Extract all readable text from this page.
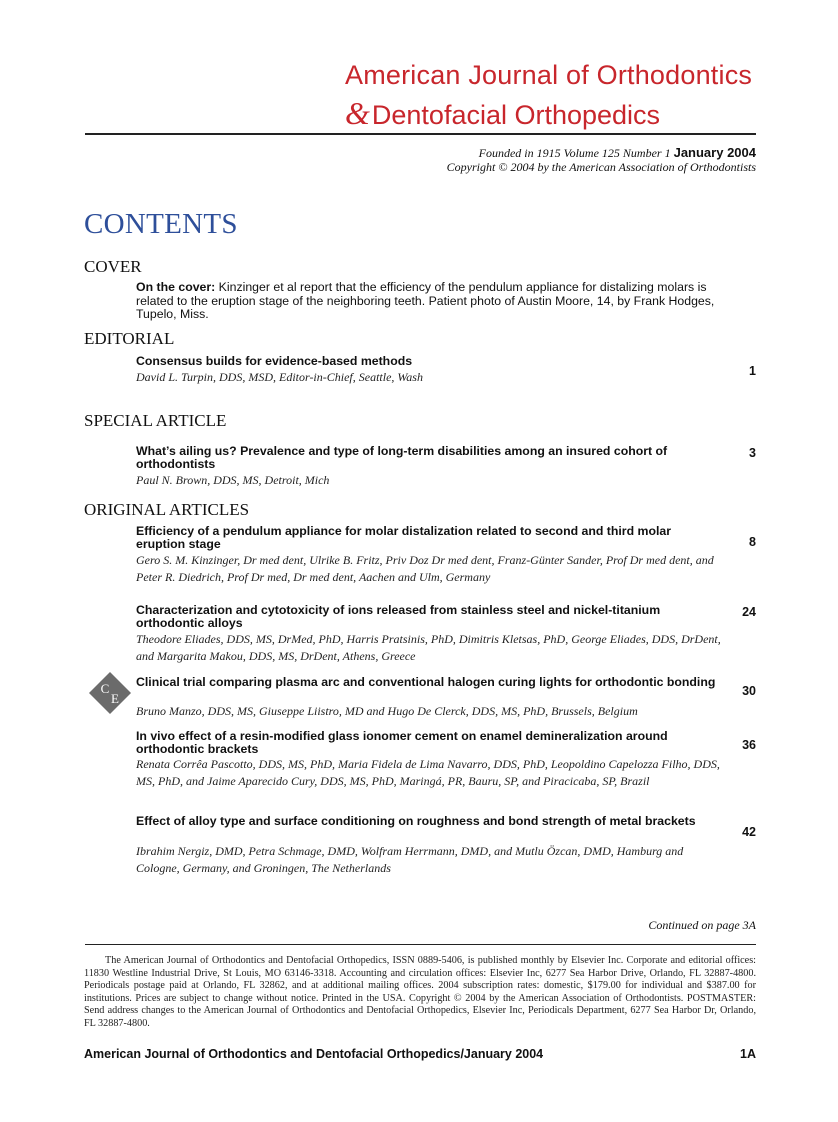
American Journal of Orthodontics
&Dentofacial Orthopedics
Founded in 1915 Volume 125 Number 1 January 2004
Copyright © 2004 by the American Association of Orthodontists
CONTENTS
COVER
On the cover: Kinzinger et al report that the efficiency of the pendulum appliance for distalizing molars is related to the eruption stage of the neighboring teeth. Patient photo of Austin Moore, 14, by Frank Hodges, Tupelo, Miss.
EDITORIAL
Consensus builds for evidence-based methods
David L. Turpin, DDS, MSD, Editor-in-Chief, Seattle, Wash	1
SPECIAL ARTICLE
What’s ailing us? Prevalence and type of long-term disabilities among an insured cohort of orthodontists
Paul N. Brown, DDS, MS, Detroit, Mich
3
ORIGINAL ARTICLES
Efficiency of a pendulum appliance for molar distalization related to second and third molar eruption stage
Gero S. M. Kinzinger, Dr med dent, Ulrike B. Fritz, Priv Doz Dr med dent, Franz-Günter Sander, Prof Dr med dent, and Peter R. Diedrich, Prof Dr med, Dr med dent, Aachen and Ulm, Germany
8
Characterization and cytotoxicity of ions released from stainless steel and nickel-titanium orthodontic alloys
Theodore Eliades, DDS, MS, DrMed, PhD, Harris Pratsinis, PhD, Dimitris Kletsas, PhD, George Eliades, DDS, DrDent, and Margarita Makou, DDS, MS, DrDent, Athens, Greece
24
C
E
Clinical trial comparing plasma arc and conventional halogen curing lights for orthodontic bonding
Bruno Manzo, DDS, MS, Giuseppe Liistro, MD and Hugo De Clerck, DDS, MS, PhD, Brussels, Belgium
30
In vivo effect of a resin-modified glass ionomer cement on enamel demineralization around orthodontic brackets
Renata Corrêa Pascotto, DDS, MS, PhD, Maria Fidela de Lima Navarro, DDS, PhD, Leopoldino Capelozza Filho, DDS, MS, PhD, and Jaime Aparecido Cury, DDS, MS, PhD, Maringá, PR, Bauru, SP, and Piracicaba, SP, Brazil
36
Effect of alloy type and surface conditioning on roughness and bond strength of metal brackets
Ibrahim Nergiz, DMD, Petra Schmage, DMD, Wolfram Herrmann, DMD, and Mutlu Özcan, DMD, Hamburg and Cologne, Germany, and Groningen, The Netherlands
42
Continued on page 3A
The American Journal of Orthodontics and Dentofacial Orthopedics, ISSN 0889-5406, is published monthly by Elsevier Inc. Corporate and editorial offices: 11830 Westline Industrial Drive, St Louis, MO 63146-3318. Accounting and circulation offices: Elsevier Inc, 6277 Sea Harbor Drive, Orlando, FL 32887-4800. Periodicals postage paid at Orlando, FL 32862, and at additional mailing offices. 2004 subscription rates: domestic, $179.00 for individual and $387.00 for institutions. Prices are subject to change without notice. Printed in the USA. Copyright © 2004 by the American Association of Orthodontists. POSTMASTER: Send address changes to the American Journal of Orthodontics and Dentofacial Orthopedics, Elsevier Inc, Periodicals Department, 6277 Sea Harbor Dr, Orlando, FL 32887-4800.
American Journal of Orthodontics and Dentofacial Orthopedics/January 2004	1A
